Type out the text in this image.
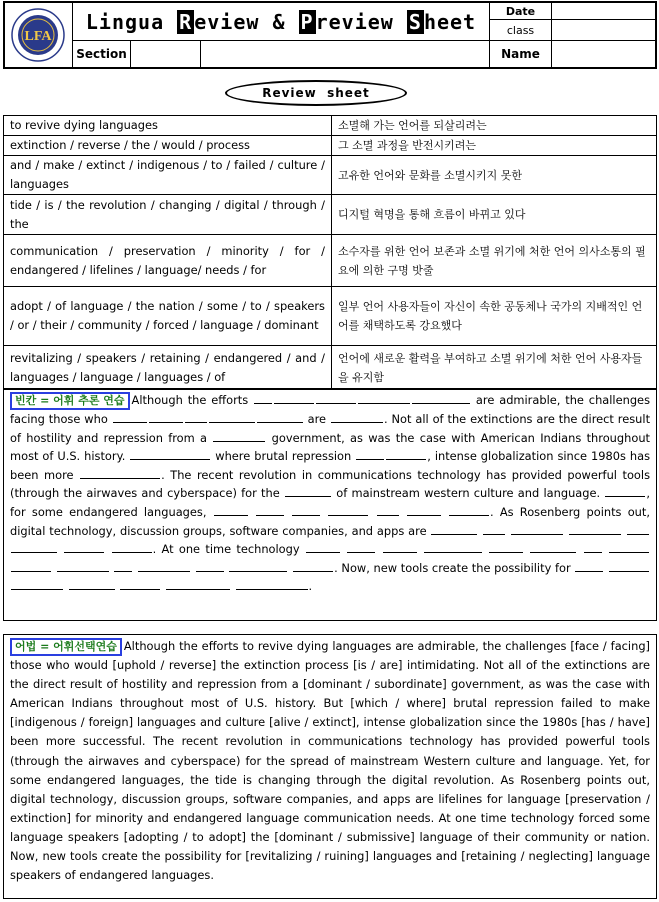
LFA
Lingua R eview & P review S heet
Section
Date
class
Name
Review  sheet
to revive dying languages	소멸해 가는 언어를 되살리려는
extinction / reverse / the / would / process	그 소멸 과정을 반전시키려는
and / make / extinct / indigenous / to / failed / culture / languages	고유한 언어와 문화를 소멸시키지 못한
tide / is / the revolution / changing / digital / through / the	디지털 혁명을 통해 흐름이 바뀌고 있다
communication / preservation / minority / for / endangered / lifelines / language/ needs / for	소수자를 위한 언어 보존과 소멸 위기에 처한 언어 의사소통의 필요에 의한 구명 밧줄
adopt / of language / the nation / some / to / speakers / or / their / community / forced / language / dominant	일부 언어 사용자들이 자신이 속한 공동체나 국가의 지배적인 언어를 채택하도록 강요했다
revitalizing / speakers / retaining / endangered / and / languages / language / languages / of	언어에 새로운 활력을 부여하고 소멸 위기에 처한 언어 사용자들을 유지함
빈칸 = 어휘 추론 연습 Although the efforts	are admirable, the challenges facing those who	are	. Not all of the extinctions are the direct result of hostility and repression from a	government, as was the case with American Indians throughout most of U.S. history.	where brutal repression	, intense globalization since 1980s has been more	. The recent revolution in communications technology has provided powerful tools (through the airwaves and cyberspace) for the	of mainstream western culture and language.	, for some endangered languages,	. As Rosenberg points out, digital technology, discussion groups, software companies, and apps are        . At one time technology               . Now, new tools create the possibility for       .
어법 = 어휘선택연습 Although the efforts to revive dying languages are admirable, the challenges [face / facing] those who would [uphold / reverse] the extinction process [is / are] intimidating. Not all of the extinctions are the direct result of hostility and repression from a [dominant / subordinate] government, as was the case with American Indians throughout most of U.S. history. But [which / where] brutal repression failed to make [indigenous / foreign] languages and culture [alive / extinct], intense globalization since the 1980s [has / have] been more successful. The recent revolution in communications technology has provided powerful tools (through the airwaves and cyberspace) for the spread of mainstream Western culture and language. Yet, for some endangered languages, the tide is changing through the digital revolution. As Rosenberg points out, digital technology, discussion groups, software companies, and apps are lifelines for language [preservation / extinction] for minority and endangered language communication needs. At one time technology forced some language speakers [adopting / to adopt] the [dominant / submissive] language of their community or nation. Now, new tools create the possibility for [revitalizing / ruining] languages and [retaining / neglecting] language speakers of endangered languages.
